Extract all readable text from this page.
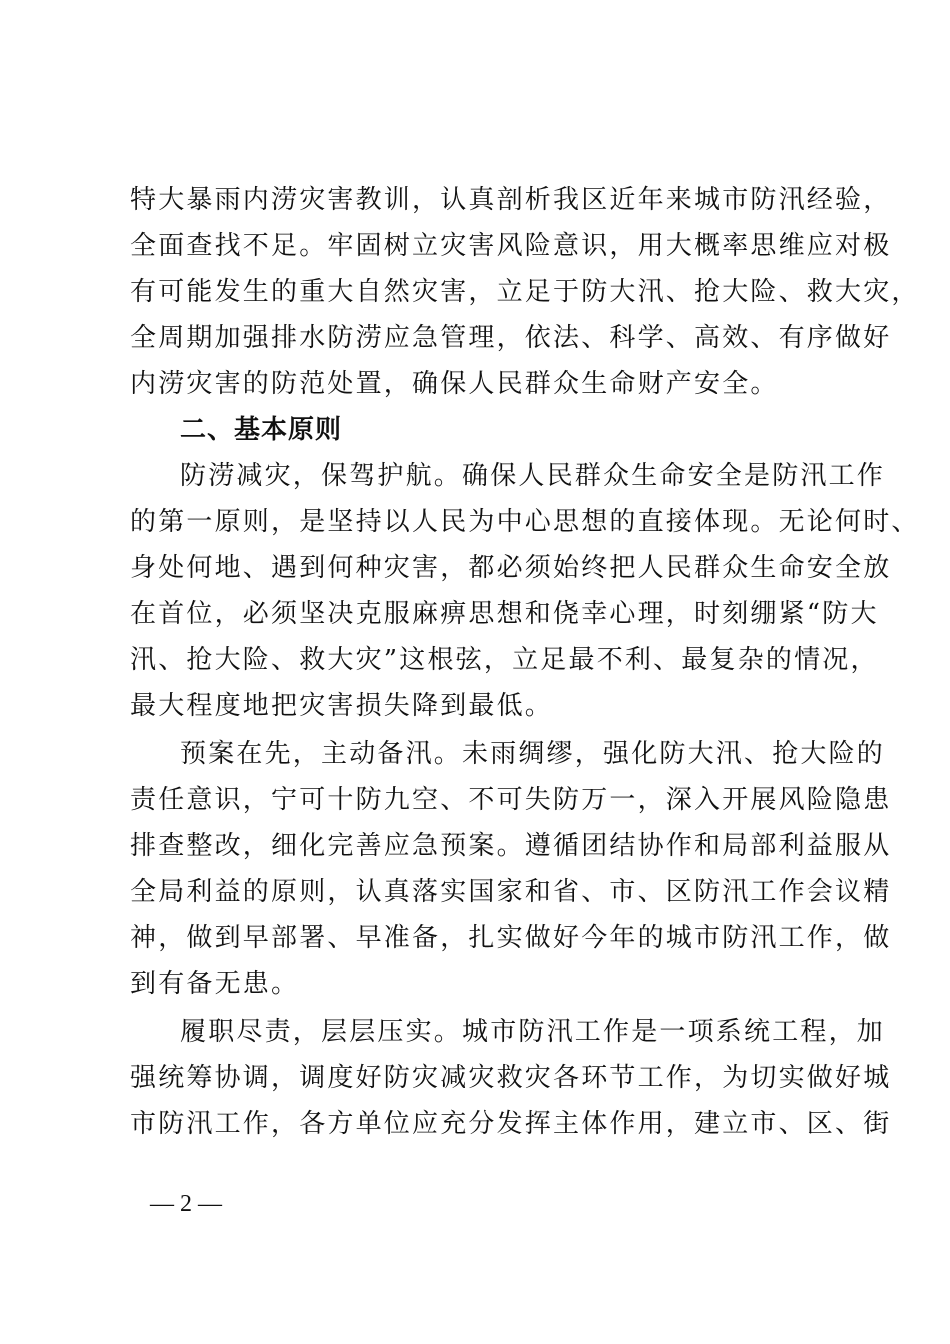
特大暴雨内涝灾害教训，认真剖析我区近年来城市防汛经验，
全面查找不足。牢固树立灾害风险意识，用大概率思维应对极
有可能发生的重大自然灾害，立足于防大汛、抢大险、救大灾，
全周期加强排水防涝应急管理，依法、科学、高效、有序做好
内涝灾害的防范处置，确保人民群众生命财产安全。
二、基本原则
防涝减灾，保驾护航。确保人民群众生命安全是防汛工作
的第一原则，是坚持以人民为中心思想的直接体现。无论何时、
身处何地、遇到何种灾害，都必须始终把人民群众生命安全放
在首位，必须坚决克服麻痹思想和侥幸心理，时刻绷紧“防大
汛、抢大险、救大灾”这根弦，立足最不利、最复杂的情况，
最大程度地把灾害损失降到最低。
预案在先，主动备汛。未雨绸缪，强化防大汛、抢大险的
责任意识，宁可十防九空、不可失防万一，深入开展风险隐患
排查整改，细化完善应急预案。遵循团结协作和局部利益服从
全局利益的原则，认真落实国家和省、市、区防汛工作会议精
神，做到早部署、早准备，扎实做好今年的城市防汛工作，做
到有备无患。
履职尽责，层层压实。城市防汛工作是一项系统工程，加
强统筹协调，调度好防灾减灾救灾各环节工作，为切实做好城
市防汛工作，各方单位应充分发挥主体作用，建立市、区、街
— 2 —
